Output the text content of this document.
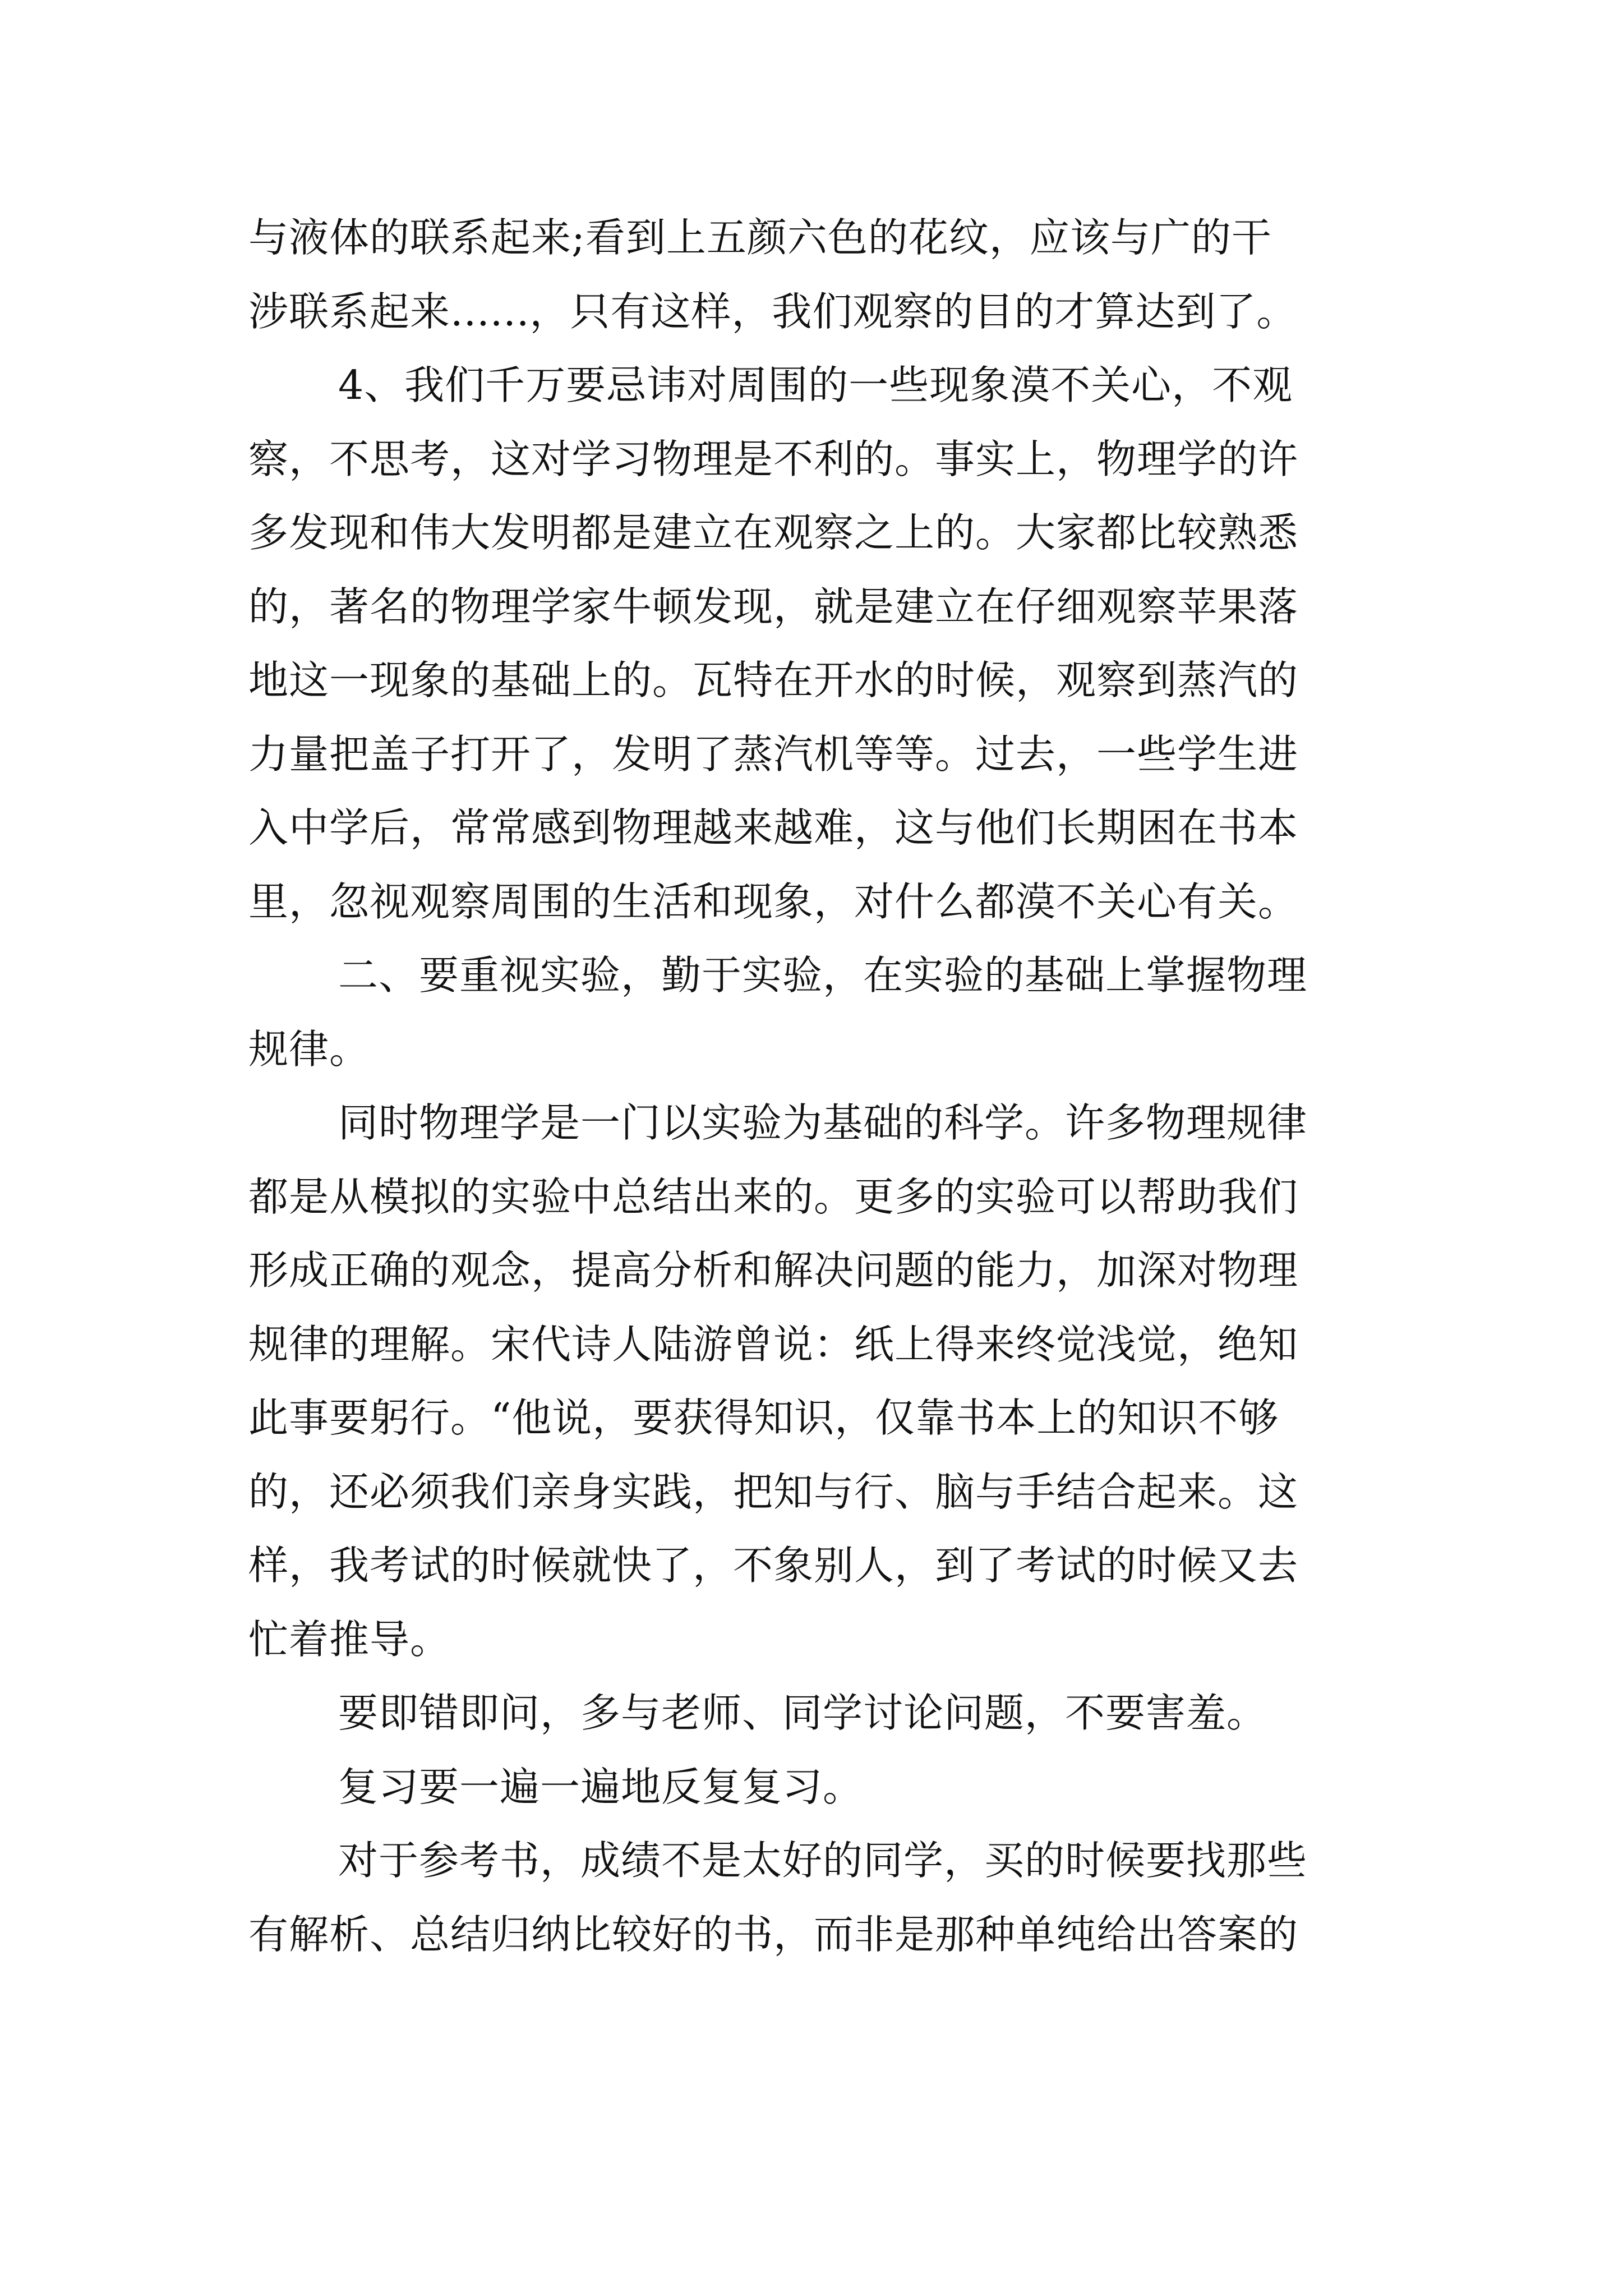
与液体的联系起来;看到上五颜六色的花纹，应该与广的干
涉联系起来......，只有这样，我们观察的目的才算达到了。
4、我们千万要忌讳对周围的一些现象漠不关心，不观
察，不思考，这对学习物理是不利的。事实上，物理学的许
多发现和伟大发明都是建立在观察之上的。大家都比较熟悉
的，著名的物理学家牛顿发现，就是建立在仔细观察苹果落
地这一现象的基础上的。瓦特在开水的时候，观察到蒸汽的
力量把盖子打开了，发明了蒸汽机等等。过去，一些学生进
入中学后，常常感到物理越来越难，这与他们长期困在书本
里，忽视观察周围的生活和现象，对什么都漠不关心有关。
二、要重视实验，勤于实验，在实验的基础上掌握物理
规律。
同时物理学是一门以实验为基础的科学。许多物理规律
都是从模拟的实验中总结出来的。更多的实验可以帮助我们
形成正确的观念，提高分析和解决问题的能力，加深对物理
规律的理解。宋代诗人陆游曾说：纸上得来终觉浅觉，绝知
此事要躬行。“他说，要获得知识，仅靠书本上的知识不够
的，还必须我们亲身实践，把知与行、脑与手结合起来。这
样，我考试的时候就快了，不象别人，到了考试的时候又去
忙着推导。
要即错即问，多与老师、同学讨论问题，不要害羞。
复习要一遍一遍地反复复习。
对于参考书，成绩不是太好的同学，买的时候要找那些
有解析、总结归纳比较好的书，而非是那种单纯给出答案的
